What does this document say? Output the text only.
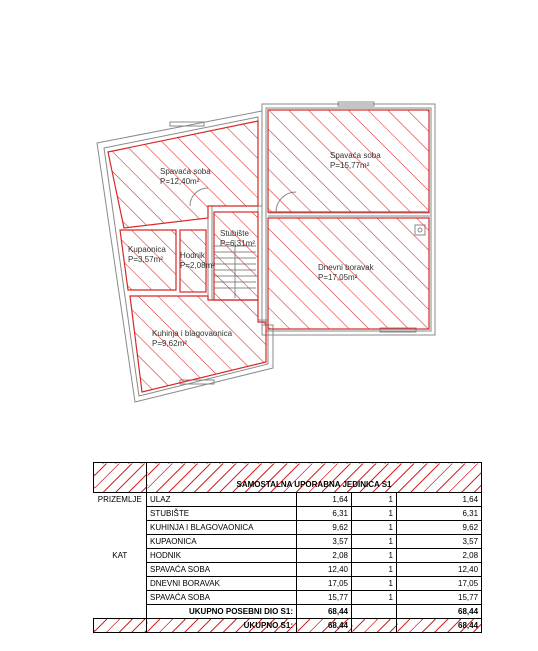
Spavaća soba
P=12,40m²
Spavaća soba
P=15,77m²
Stubište
P=6,31m²
Kupaonica
P=3,57m² Hodnik
P=2,08m²	Dnevni boravak
P=17,05m²
Kuhinja i blagovaonica
P=9,62m²
	SAMOSTALNA UPORABNA JEDINICA S1			
PRIZEMLJE	ULAZ	1,64	1	1,64
KAT	STUBIŠTE	6,31	1	6,31
	KUHINJA I BLAGOVAONICA	9,62	1	9,62
	KUPAONICA	3,57	1	3,57
	HODNIK	2,08	1	2,08
	SPAVAĆA SOBA	12,40	1	12,40
	DNEVNI BORAVAK	17,05	1	17,05
	SPAVAĆA SOBA	15,77	1	15,77
	UKUPNO POSEBNI DIO S1:	68,44		68,44
	UKUPNO S1:	68,44		68,44
